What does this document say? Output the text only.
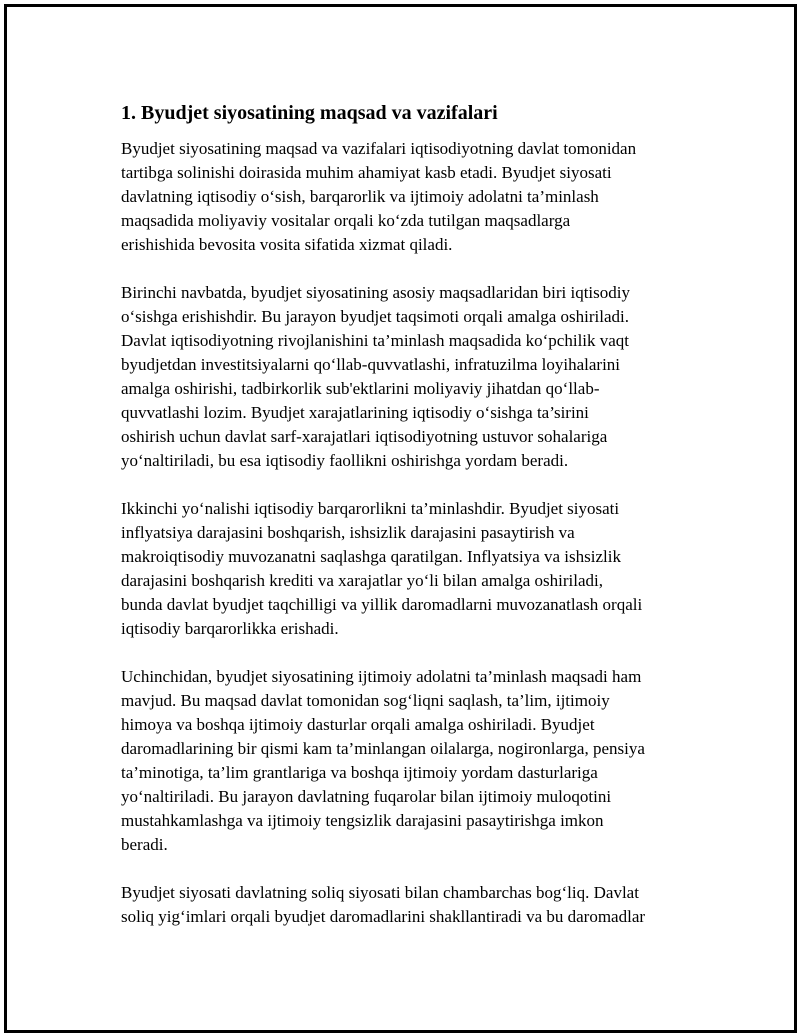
1. Byudjet siyosatining maqsad va vazifalari

Byudjet siyosatining maqsad va vazifalari iqtisodiyotning davlat tomonidan
tartibga solinishi doirasida muhim ahamiyat kasb etadi. Byudjet siyosati
davlatning iqtisodiy o‘sish, barqarorlik va ijtimoiy adolatni ta’minlash
maqsadida moliyaviy vositalar orqali ko‘zda tutilgan maqsadlarga
erishishida bevosita vosita sifatida xizmat qiladi.

Birinchi navbatda, byudjet siyosatining asosiy maqsadlaridan biri iqtisodiy
o‘sishga erishishdir. Bu jarayon byudjet taqsimoti orqali amalga oshiriladi.
Davlat iqtisodiyotning rivojlanishini ta’minlash maqsadida ko‘pchilik vaqt
byudjetdan investitsiyalarni qo‘llab-quvvatlashi, infratuzilma loyihalarini
amalga oshirishi, tadbirkorlik sub'ektlarini moliyaviy jihatdan qo‘llab-
quvvatlashi lozim. Byudjet xarajatlarining iqtisodiy o‘sishga ta’sirini
oshirish uchun davlat sarf-xarajatlari iqtisodiyotning ustuvor sohalariga
yo‘naltiriladi, bu esa iqtisodiy faollikni oshirishga yordam beradi.

Ikkinchi yo‘nalishi iqtisodiy barqarorlikni ta’minlashdir. Byudjet siyosati
inflyatsiya darajasini boshqarish, ishsizlik darajasini pasaytirish va
makroiqtisodiy muvozanatni saqlashga qaratilgan. Inflyatsiya va ishsizlik
darajasini boshqarish krediti va xarajatlar yo‘li bilan amalga oshiriladi,
bunda davlat byudjet taqchilligi va yillik daromadlarni muvozanatlash orqali
iqtisodiy barqarorlikka erishadi.

Uchinchidan, byudjet siyosatining ijtimoiy adolatni ta’minlash maqsadi ham
mavjud. Bu maqsad davlat tomonidan sog‘liqni saqlash, ta’lim, ijtimoiy
himoya va boshqa ijtimoiy dasturlar orqali amalga oshiriladi. Byudjet
daromadlarining bir qismi kam ta’minlangan oilalarga, nogironlarga, pensiya
ta’minotiga, ta’lim grantlariga va boshqa ijtimoiy yordam dasturlariga
yo‘naltiriladi. Bu jarayon davlatning fuqarolar bilan ijtimoiy muloqotini
mustahkamlashga va ijtimoiy tengsizlik darajasini pasaytirishga imkon
beradi.

Byudjet siyosati davlatning soliq siyosati bilan chambarchas bog‘liq. Davlat
soliq yig‘imlari orqali byudjet daromadlarini shakllantiradi va bu daromadlar
